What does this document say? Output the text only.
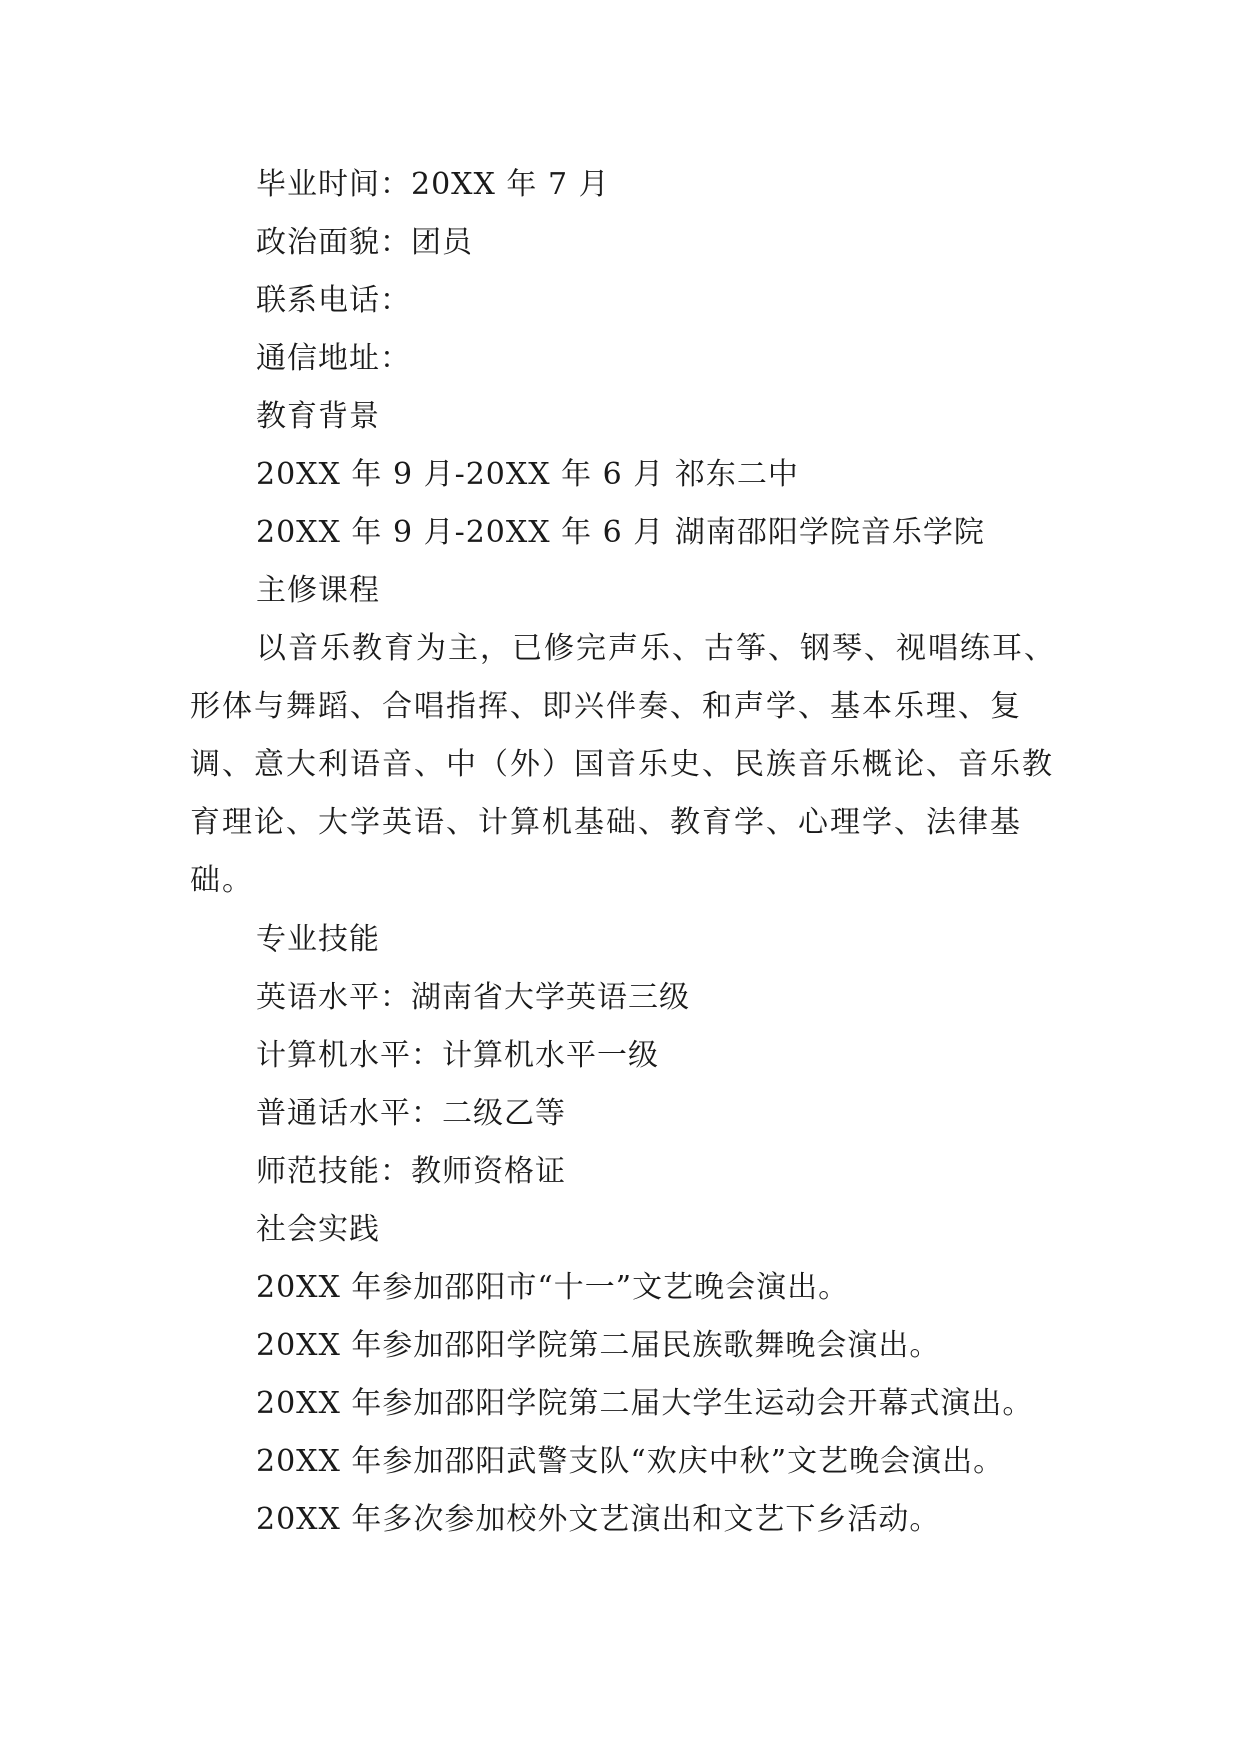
毕业时间：20XX 年 7 月
政治面貌：团员
联系电话：
通信地址：
教育背景
20XX 年 9 月-20XX 年 6 月 祁东二中
20XX 年 9 月-20XX 年 6 月 湖南邵阳学院音乐学院
主修课程
以音乐教育为主，已修完声乐、古筝、钢琴、视唱练耳、形体与舞蹈、合唱指挥、即兴伴奏、和声学、基本乐理、复调、意大利语音、中（外）国音乐史、民族音乐概论、音乐教育理论、大学英语、计算机基础、教育学、心理学、法律基础。
专业技能
英语水平：湖南省大学英语三级
计算机水平：计算机水平一级
普通话水平：二级乙等
师范技能：教师资格证
社会实践
20XX 年参加邵阳市“十一”文艺晚会演出。
20XX 年参加邵阳学院第二届民族歌舞晚会演出。
20XX 年参加邵阳学院第二届大学生运动会开幕式演出。
20XX 年参加邵阳武警支队“欢庆中秋”文艺晚会演出。
20XX 年多次参加校外文艺演出和文艺下乡活动。
